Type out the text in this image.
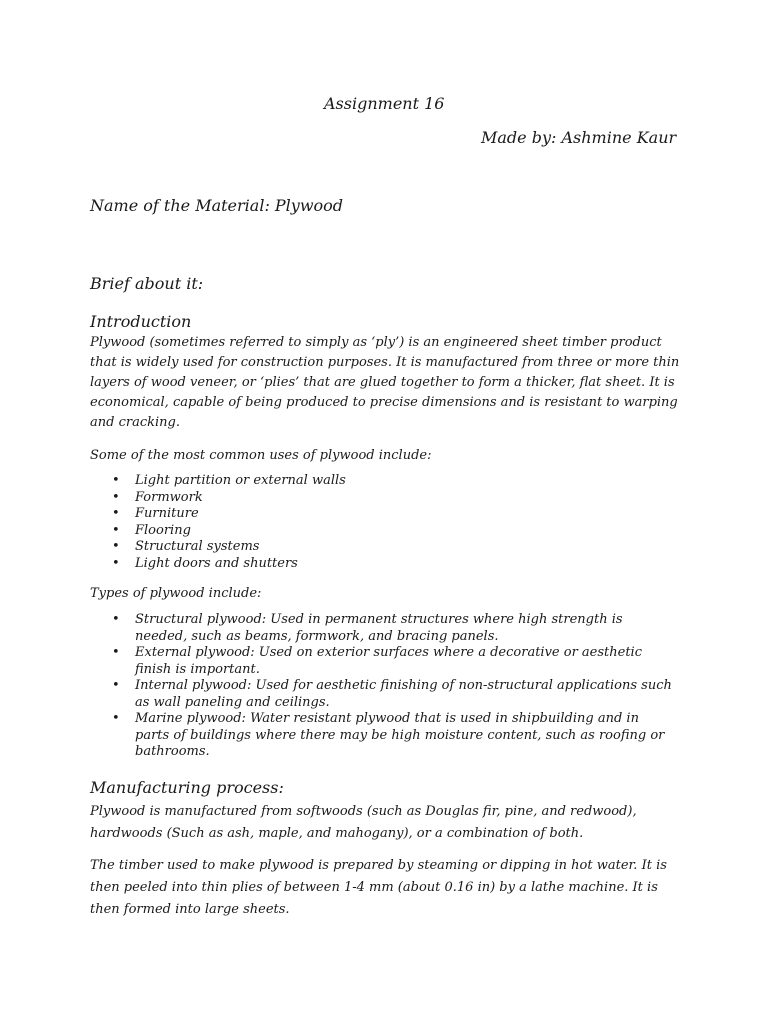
Assignment 16
Made by: Ashmine Kaur
Name of the Material: Plywood
Brief about it:
Introduction
Plywood (sometimes referred to simply as ‘ply’) is an engineered sheet timber product that is widely used for construction purposes. It is manufactured from three or more thin layers of wood veneer, or ‘plies’ that are glued together to form a thicker, flat sheet. It is economical, capable of being produced to precise dimensions and is resistant to warping and cracking.
Some of the most common uses of plywood include:
• Light partition or external walls
• Formwork
• Furniture
• Flooring
• Structural systems
• Light doors and shutters
Types of plywood include:
• Structural plywood: Used in permanent structures where high strength is needed, such as beams, formwork, and bracing panels.
• External plywood: Used on exterior surfaces where a decorative or aesthetic finish is important.
• Internal plywood: Used for aesthetic finishing of non-structural applications such as wall paneling and ceilings.
• Marine plywood: Water resistant plywood that is used in shipbuilding and in parts of buildings where there may be high moisture content, such as roofing or bathrooms.
Manufacturing process:
Plywood is manufactured from softwoods (such as Douglas fir, pine, and redwood), hardwoods (Such as ash, maple, and mahogany), or a combination of both.
The timber used to make plywood is prepared by steaming or dipping in hot water. It is then peeled into thin plies of between 1-4 mm (about 0.16 in) by a lathe machine. It is then formed into large sheets.
